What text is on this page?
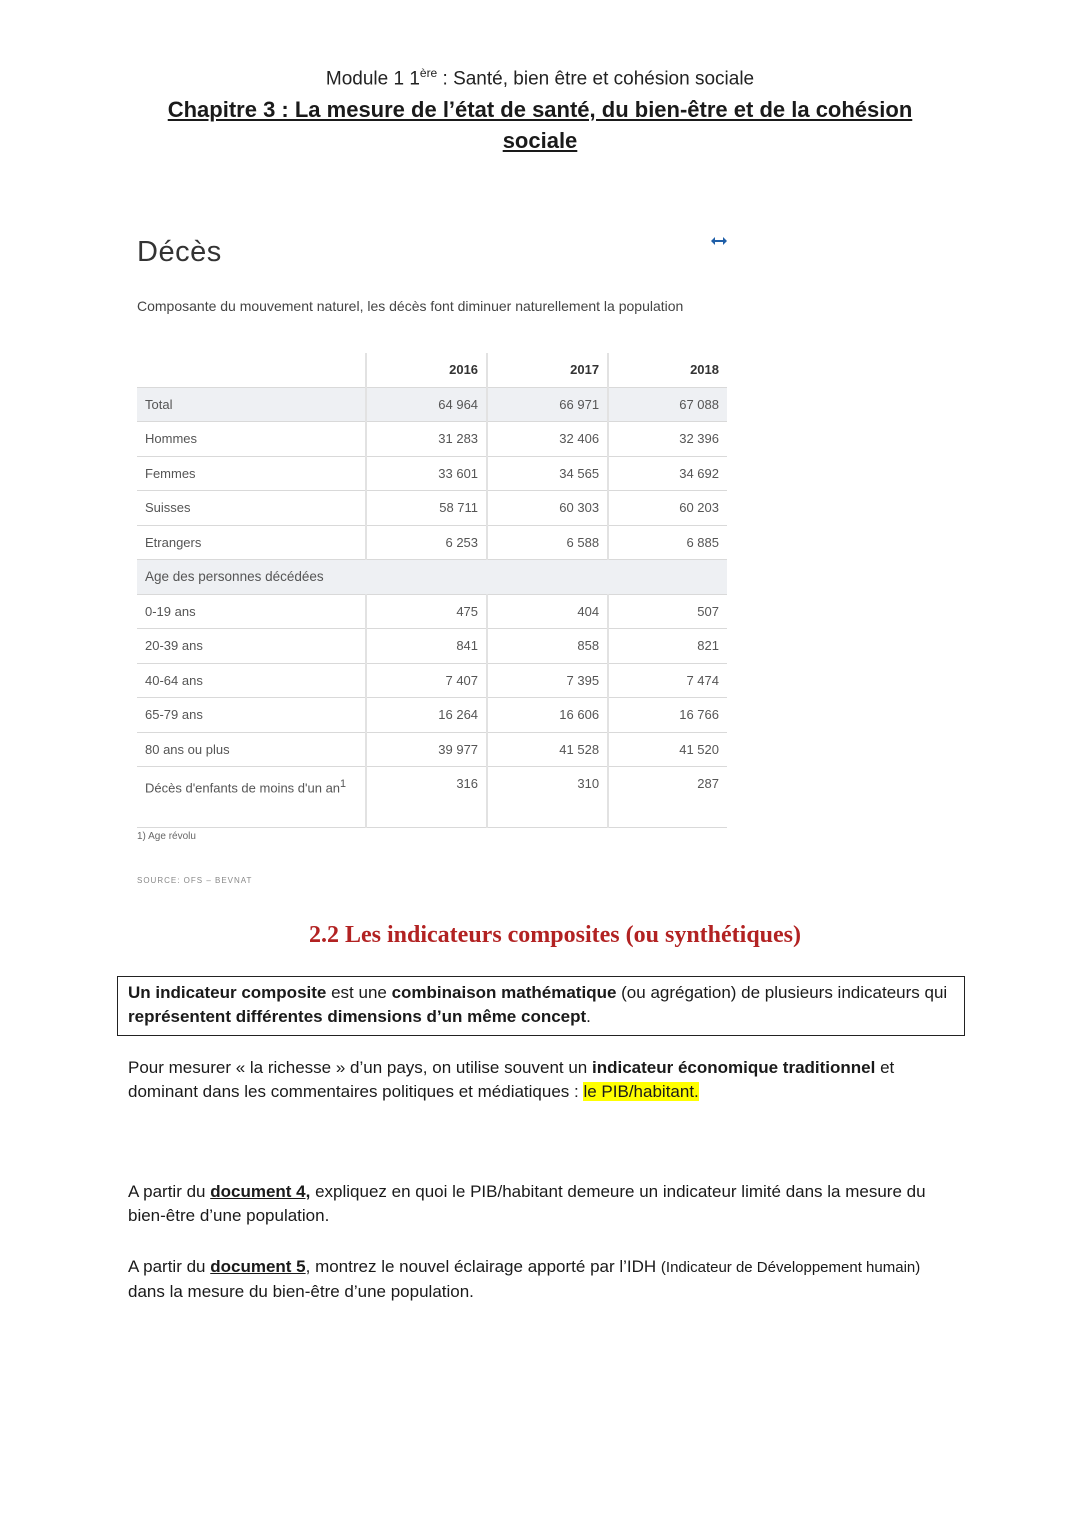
Module 1 1ère : Santé, bien être et cohésion sociale
Chapitre 3 : La mesure de l’état de santé, du bien-être et de la cohésion sociale
Décès
Composante du mouvement naturel, les décès font diminuer naturellement la population
	2016	2017	2018
Total	64 964	66 971	67 088
Hommes	31 283	32 406	32 396
Femmes	33 601	34 565	34 692
Suisses	58 711	60 303	60 203
Etrangers	6 253	6 588	6 885
Age des personnes décédées			
0-19 ans	475	404	507
20-39 ans	841	858	821
40-64 ans	7 407	7 395	7 474
65-79 ans	16 264	16 606	16 766
80 ans ou plus	39 977	41 528	41 520
Décès d'enfants de moins d'un $an^1$	316	310	287
1) Age révolu
SOURCE: OFS – BEVNAT
2.2 Les indicateurs composites (ou synthétiques)
Un indicateur composite est une combinaison mathématique (ou agrégation) de plusieurs indicateurs qui représentent différentes dimensions d’un même concept.
Pour mesurer « la richesse » d’un pays, on utilise souvent un indicateur économique traditionnel et dominant dans les commentaires politiques et médiatiques : le PIB/habitant.
A partir du document 4, expliquez en quoi le PIB/habitant demeure un indicateur limité dans la mesure du bien-être d’une population.
A partir du document 5, montrez le nouvel éclairage apporté par l’IDH (Indicateur de Développement humain) dans la mesure du bien-être d’une population.
